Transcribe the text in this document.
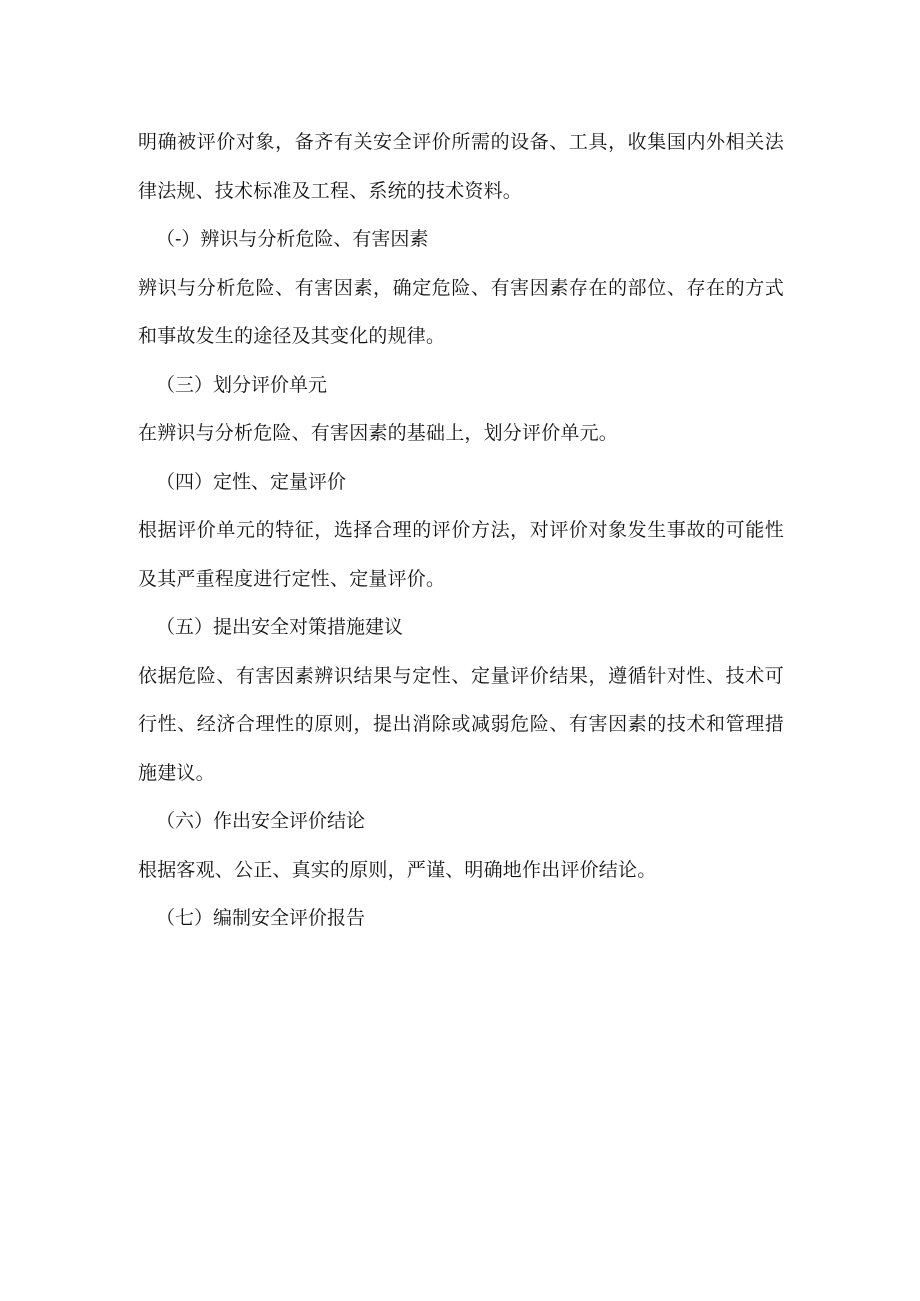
明确被评价对象，备齐有关安全评价所需的设备、工具，收集国内外相关法律法规、技术标准及工程、系统的技术资料。

（-）辨识与分析危险、有害因素

辨识与分析危险、有害因素，确定危险、有害因素存在的部位、存在的方式和事故发生的途径及其变化的规律。

（三）划分评价单元

在辨识与分析危险、有害因素的基础上，划分评价单元。

（四）定性、定量评价

根据评价单元的特征，选择合理的评价方法，对评价对象发生事故的可能性及其严重程度进行定性、定量评价。

（五）提出安全对策措施建议

依据危险、有害因素辨识结果与定性、定量评价结果，遵循针对性、技术可行性、经济合理性的原则，提出消除或减弱危险、有害因素的技术和管理措施建议。

（六）作出安全评价结论

根据客观、公正、真实的原则，严谨、明确地作出评价结论。

（七）编制安全评价报告
